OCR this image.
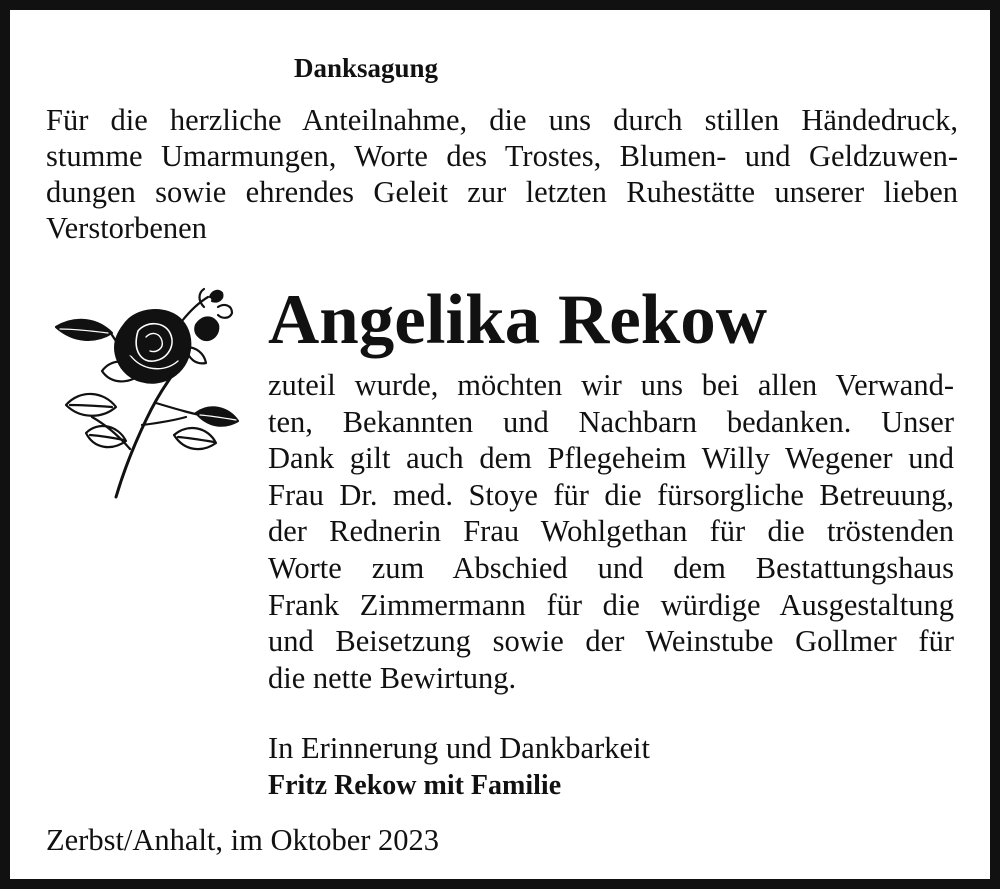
Danksagung

Für die herzliche Anteilnahme, die uns durch stillen Händedruck,
stumme Umarmungen, Worte des Trostes, Blumen- und Geldzuwen-
dungen sowie ehrendes Geleit zur letzten Ruhestätte unserer lieben
Verstorbenen

Angelika Rekow

zuteil wurde, möchten wir uns bei allen Verwand-
ten, Bekannten und Nachbarn bedanken. Unser
Dank gilt auch dem Pflegeheim Willy Wegener und
Frau Dr. med. Stoye für die fürsorgliche Betreuung,
der Rednerin Frau Wohlgethan für die tröstenden
Worte zum Abschied und dem Bestattungshaus
Frank Zimmermann für die würdige Ausgestaltung
und Beisetzung sowie der Weinstube Gollmer für
die nette Bewirtung.

In Erinnerung und Dankbarkeit

Fritz Rekow mit Familie

Zerbst/Anhalt, im Oktober 2023
